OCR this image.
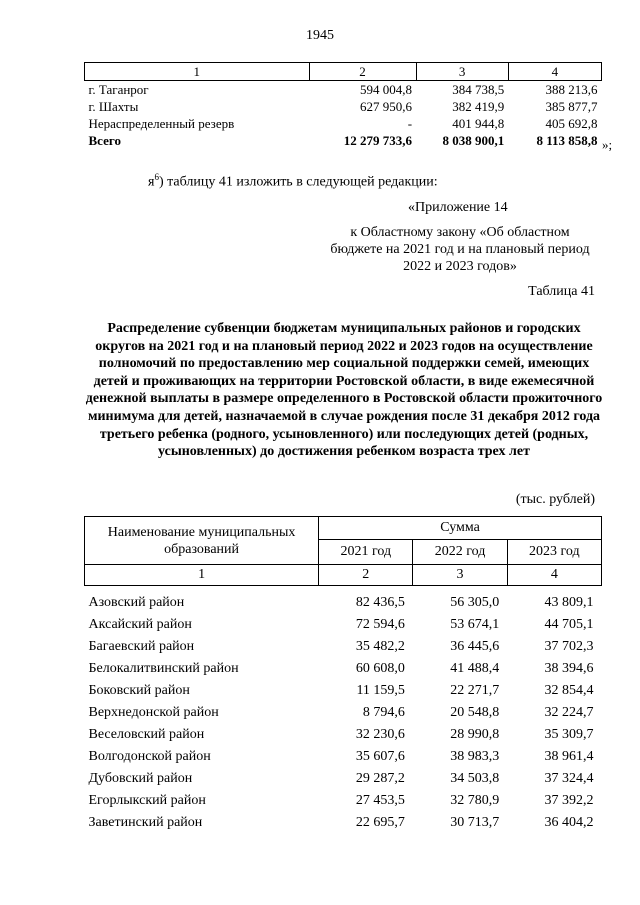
1945
1	2	3	4
г. Таганрог	594 004,8	384 738,5	388 213,6
г. Шахты	627 950,6	382 419,9	385 877,7
Нераспределенный резерв	-	401 944,8	405 692,8
Всего	12 279 733,6	8 038 900,1	8 113 858,8 »;
$я^6$) таблицу 41 изложить в следующей редакции:
«Приложение 14
к Областному закону «Об областном бюджете на 2021 год и на плановый период 2022 и 2023 годов»
Таблица 41
Распределение субвенции бюджетам муниципальных районов и городских округов на 2021 год и на плановый период 2022 и 2023 годов на осуществление полномочий по предоставлению мер социальной поддержки семей, имеющих детей и проживающих на территории Ростовской области, в виде ежемесячной денежной выплаты в размере определенного в Ростовской области прожиточного минимума для детей, назначаемой в случае рождения после 31 декабря 2012 года третьего ребенка (родного, усыновленного) или последующих детей (родных, усыновленных) до достижения ребенком возраста трех лет
(тыс. рублей)
Наименование муниципальных образований	Сумма		
	2021 год	2022 год	2023 год
1	2	3	4

Азовский район	82 436,5	56 305,0	43 809,1
Аксайский район	72 594,6	53 674,1	44 705,1
Багаевский район	35 482,2	36 445,6	37 702,3
Белокалитвинский район	60 608,0	41 488,4	38 394,6
Боковский район	11 159,5	22 271,7	32 854,4
Верхнедонской район	8 794,6	20 548,8	32 224,7
Веселовский район	32 230,6	28 990,8	35 309,7
Волгодонской район	35 607,6	38 983,3	38 961,4
Дубовский район	29 287,2	34 503,8	37 324,4
Егорлыкский район	27 453,5	32 780,9	37 392,2
Заветинский район	22 695,7	30 713,7	36 404,2
